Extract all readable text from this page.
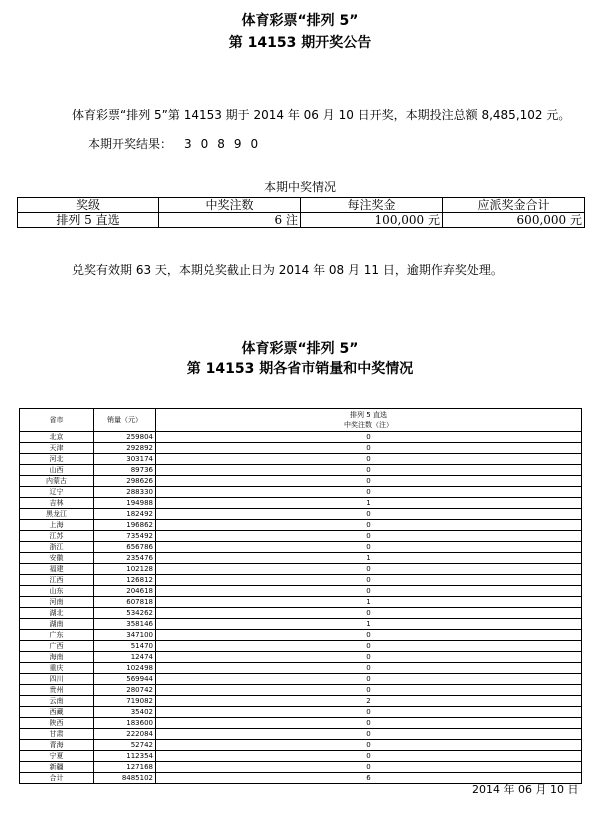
体育彩票“排列 5”
第 14153 期开奖公告
体育彩票“排列 5”第 14153 期于 2014 年 06 月 10 日开奖，本期投注总额 8,485,102 元。
本期开奖结果： 30890
本期中奖情况
奖级	中奖注数	每注奖金	应派奖金合计
排列 5 直选	6 注	100,000 元	600,000 元
兑奖有效期 63 天，本期兑奖截止日为 2014 年 08 月 11 日，逾期作弃奖处理。
体育彩票“排列 5”
第 14153 期各省市销量和中奖情况
省市	销量（元）	排列 5 直选
中奖注数（注）

北京	259804	0
天津	292892	0
河北	303174	0
山西	89736	0
内蒙古	298626	0
辽宁	288330	0
吉林	194988	1
黑龙江	182492	0
上海	196862	0
江苏	735492	0
浙江	656786	0
安徽	235476	1
福建	102128	0
江西	126812	0
山东	204618	0
河南	607818	1
湖北	534262	0
湖南	358146	1
广东	347100	0
广西	51470	0
海南	12474	0
重庆	102498	0
四川	569944	0
贵州	280742	0
云南	719082	2
西藏	35402	0
陕西	183600	0
甘肃	222084	0
青海	52742	0
宁夏	112354	0
新疆	127168	0
合计	8485102	6
2014 年 06 月 10 日
